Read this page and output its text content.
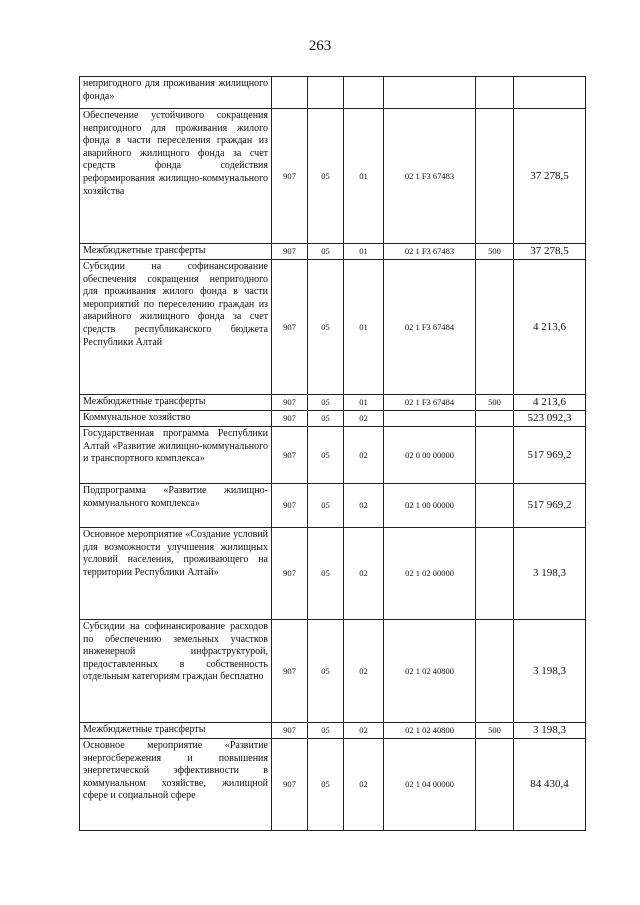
263
непригодного для проживания жилищного фонда»						
Обеспечение устойчивого сокращения непригодного для проживания жилого фонда в части переселения граждан из аварийного жилищного фонда за счет средств фонда содействия реформирования жилищно-коммунального хозяйства	907	05	01	02 1 F3 67483		37 278,5
Межбюджетные трансферты	907	05	01	02 1 F3 67483	500	37 278,5
Субсидии на софинансирование обеспечения сокращения непригодного для проживания жилого фонда в части мероприятий по переселению граждан из аварийного жилищного фонда за счет средств республиканского бюджета Республики Алтай	907	05	01	02 1 F3 67484		4 213,6
Межбюджетные трансферты	907	05	01	02 1 F3 67484	500	4 213,6
Коммунальное хозяйство	907	05	02			523 092,3
Государственная программа Республики Алтай «Развитие жилищно-коммунального и транспортного комплекса»	907	05	02	02 0 00 00000		517 969,2
Подпрограмма «Развитие жилищно-коммунального комплекса»	907	05	02	02 1 00 00000		517 969,2
Основное мероприятие «Создание условий для возможности улучшения жилищных условий населения, проживающего на территории Республики Алтай»	907	05	02	02 1 02 00000		3 198,3
Субсидии на софинансирование расходов по обеспечению земельных участков инженерной инфраструктурой, предоставленных в собственность отдельным категориям граждан бесплатно	907	05	02	02 1 02 40800		3 198,3
Межбюджетные трансферты	907	05	02	02 1 02 40800	500	3 198,3
Основное мероприятие «Развитие энергосбережения и повышения энергетической эффективности в коммунальном хозяйстве, жилищной сфере и социальной сфере	907	05	02	02 1 04 00000		84 430,4
